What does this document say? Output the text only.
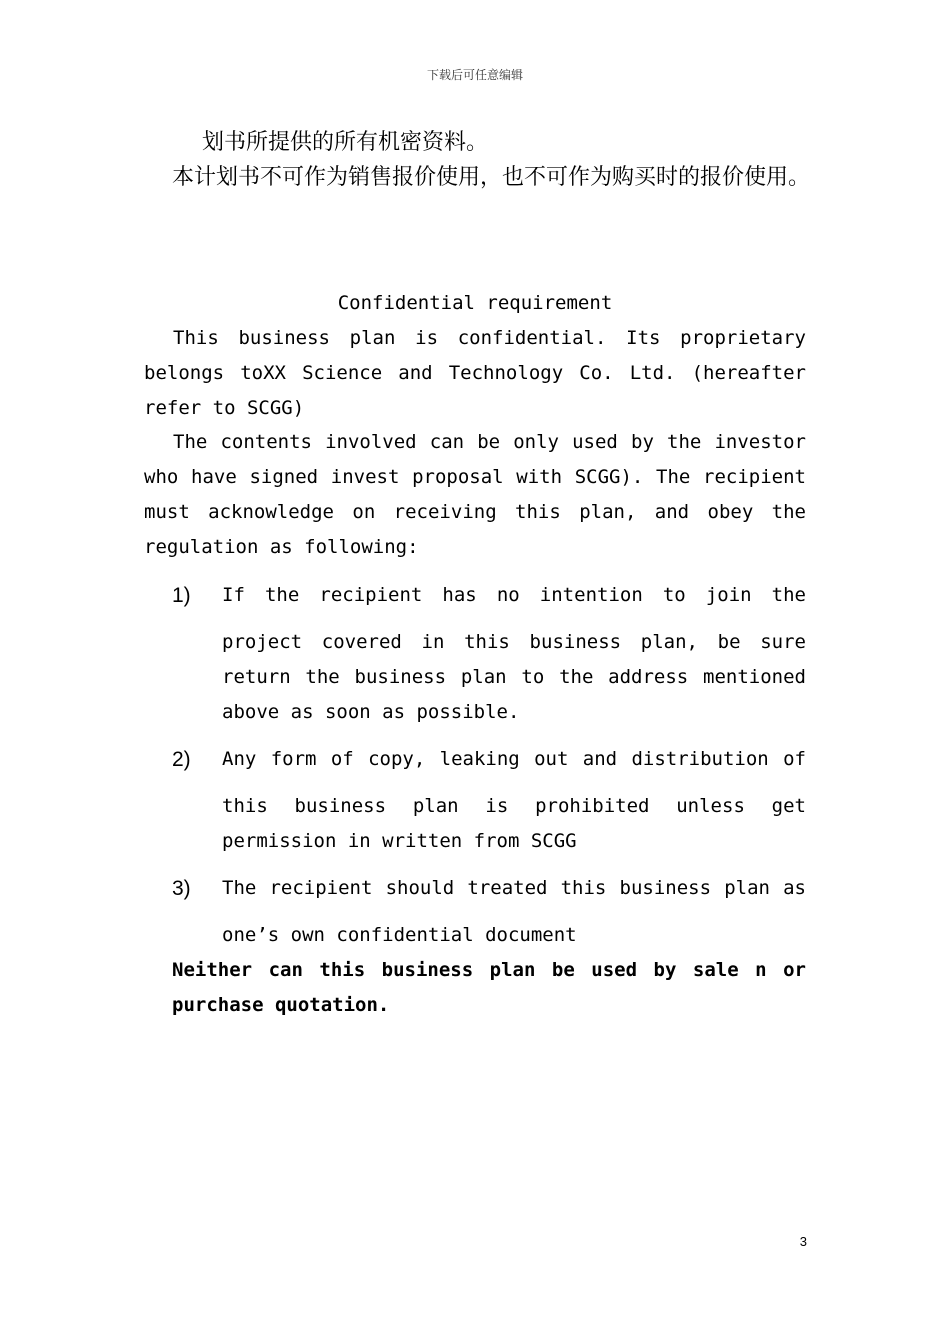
下载后可任意编辑
划书所提供的所有机密资料。
本计划书不可作为销售报价使用，也不可作为购买时的报价使用。
Confidential requirement
This business plan is confidential. Its proprietary belongs toXX Science and Technology Co. Ltd. (hereafter refer to SCGG)
The contents involved can be only used by the investor who have signed invest proposal with SCGG). The recipient must acknowledge on receiving this plan, and obey the regulation as following:
1) If the recipient has no intention to join the
project covered in this business plan, be sure return the business plan to the address mentioned above as soon as possible.
2) Any form of copy, leaking out and distribution of
this business plan is prohibited unless get permission in written from SCGG
3) The recipient should treated this business plan as
one’s own confidential document
Neither can this business plan be used by sale n or purchase quotation.
3
